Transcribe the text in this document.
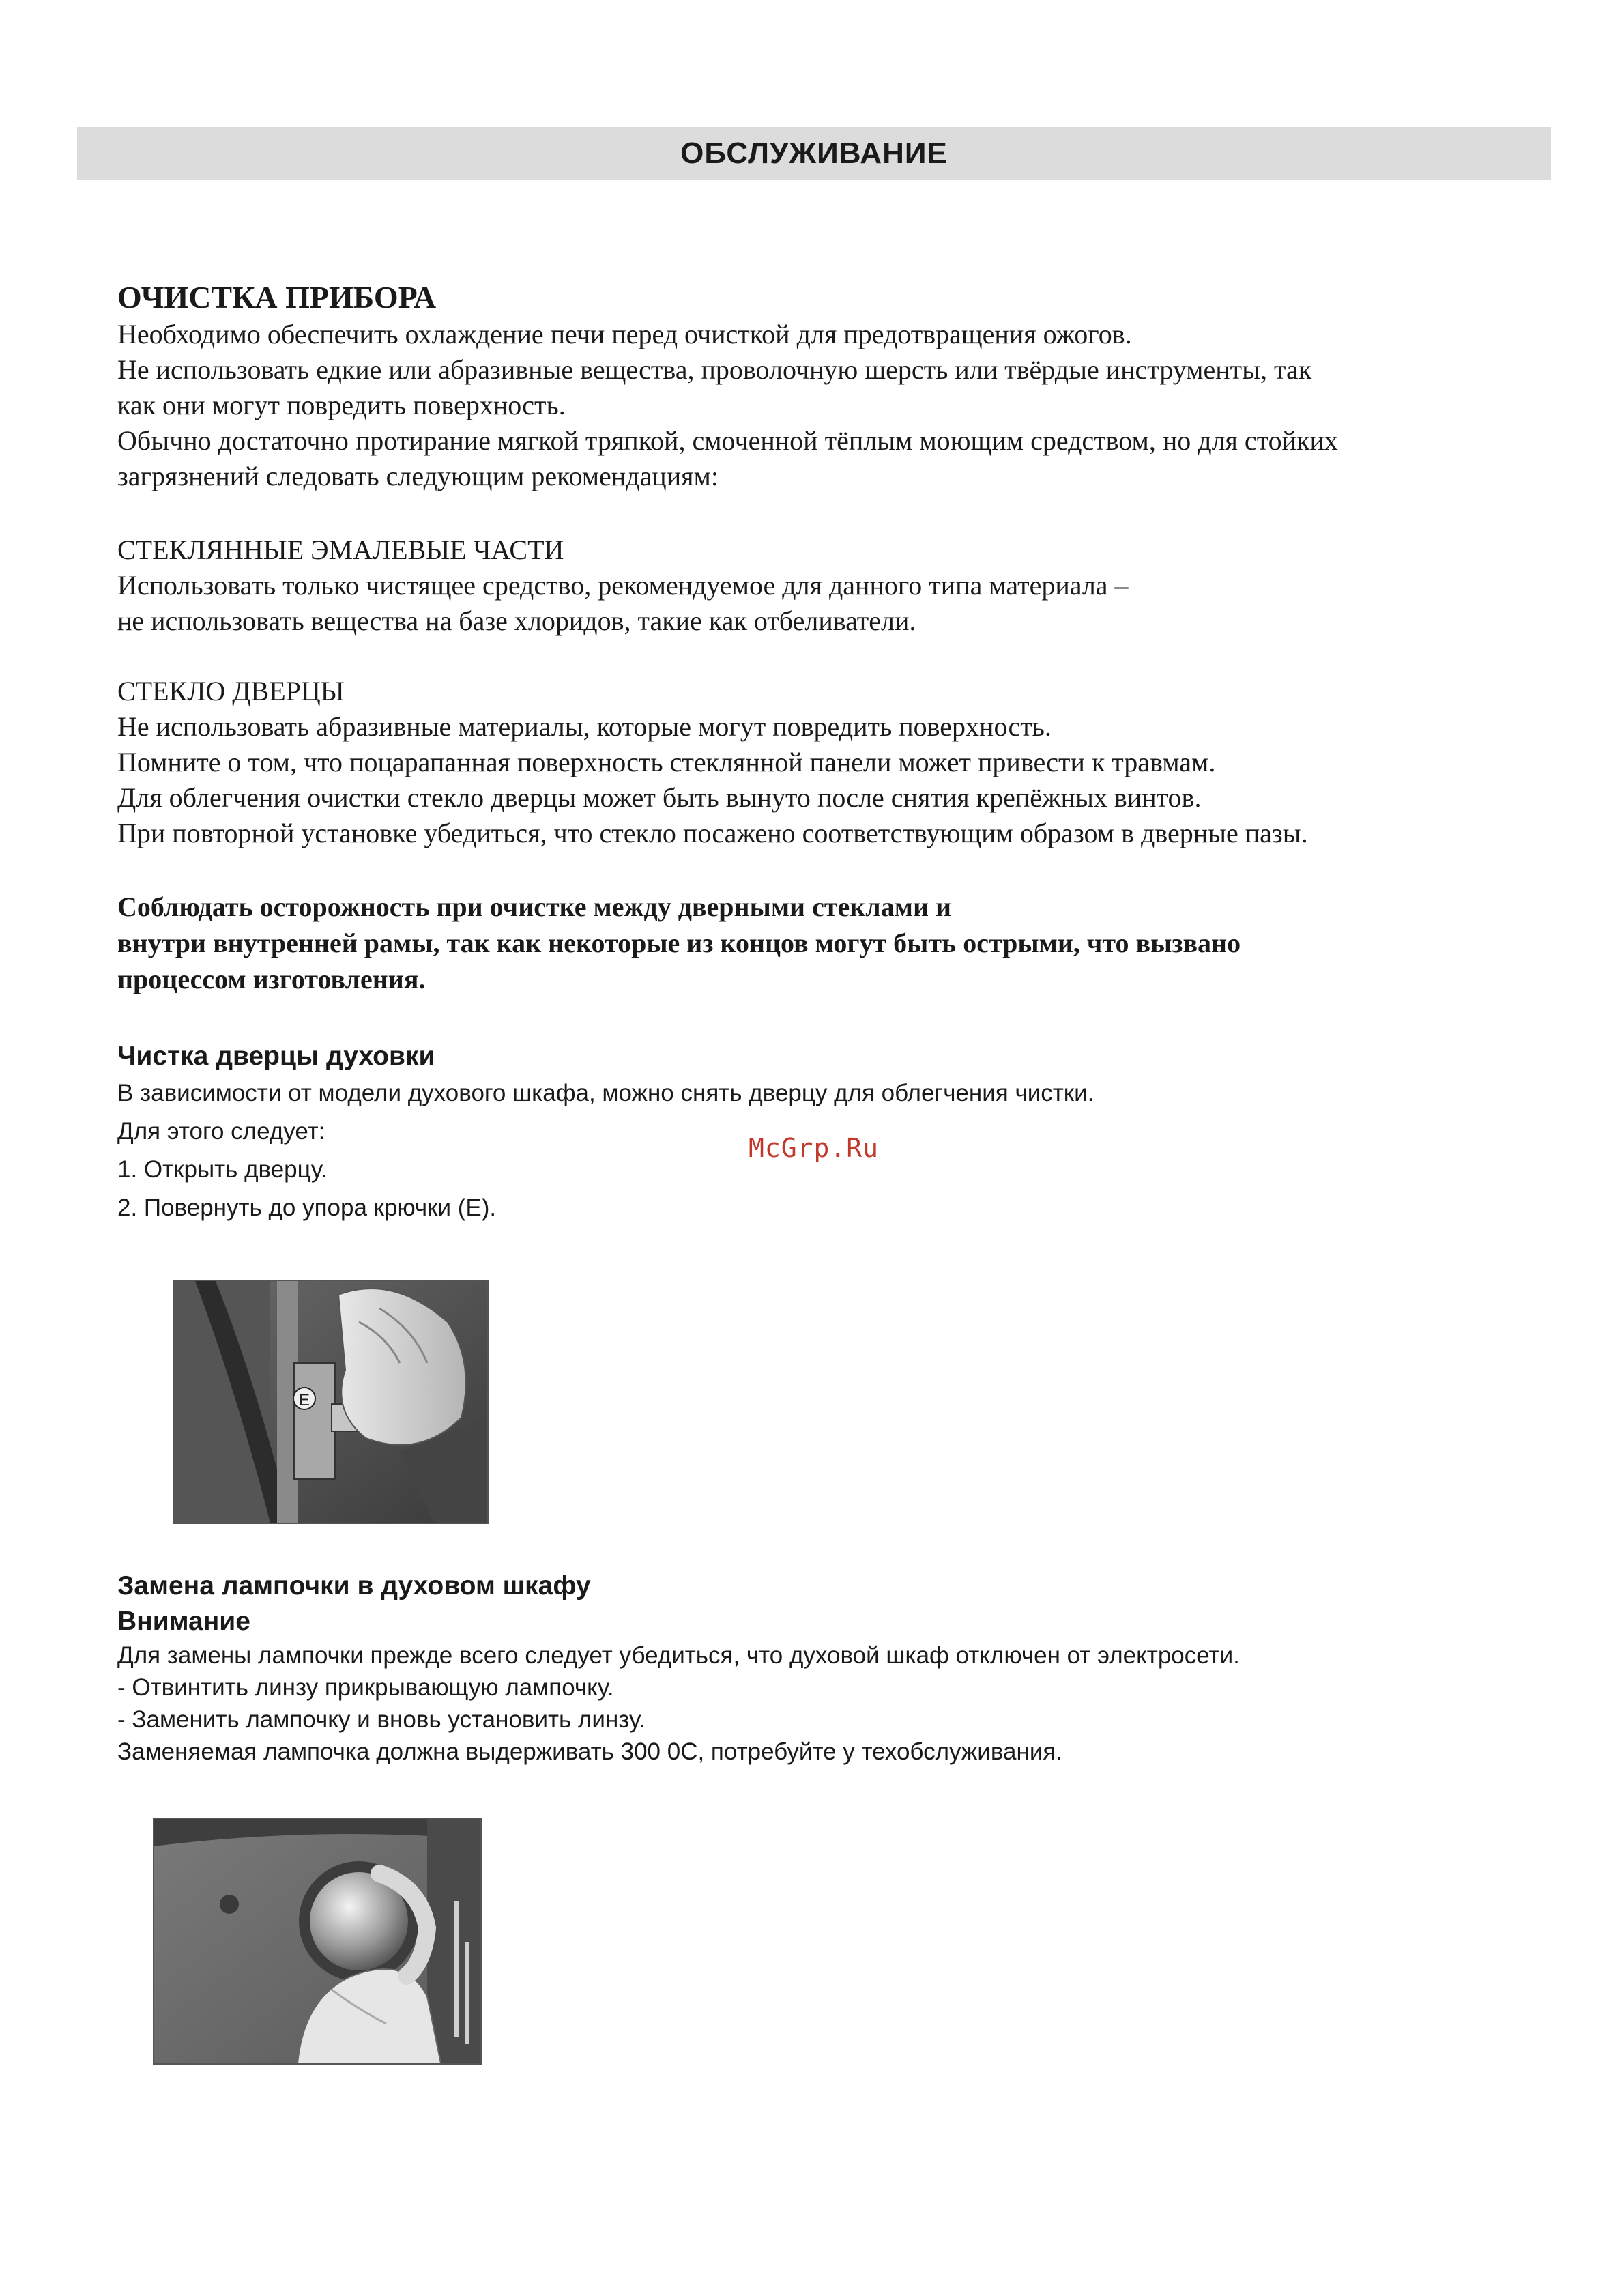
ОБСЛУЖИВАНИЕ

ОЧИСТКА ПРИБОРА

Необходимо обеспечить охлаждение печи перед очисткой для предотвращения ожогов.

Не использовать едкие или абразивные вещества, проволочную шерсть или твёрдые инструменты, так

как они могут повредить поверхность.

Обычно достаточно протирание мягкой тряпкой, смоченной тёплым моющим средством, но для стойких

загрязнений следовать следующим рекомендациям:

СТЕКЛЯННЫЕ ЭМАЛЕВЫЕ ЧАСТИ

Использовать только чистящее средство, рекомендуемое для данного типа материала –

не использовать вещества на базе хлоридов, такие как отбеливатели.

СТЕКЛО ДВЕРЦЫ

Не использовать абразивные материалы, которые могут повредить поверхность.

Помните о том, что поцарапанная поверхность стеклянной панели может привести к травмам.

Для облегчения очистки стекло дверцы может быть вынуто после снятия крепёжных винтов.

При повторной установке убедиться, что стекло посажено соответствующим образом в дверные пазы.

Соблюдать осторожность при очистке между дверными стеклами и

внутри внутренней рамы, так как некоторые из концов могут быть острыми, что вызвано

процессом изготовления.

Чистка дверцы духовки

В зависимости от модели духового шкафа, можно снять дверцу для облегчения чистки.

Для этого следует:

1. Открыть дверцу.

2. Повернуть до упора крючки (E).

McGrp.Ru
E

Замена лампочки в духовом шкафу

Внимание

Для замены лампочки прежде всего следует убедиться, что духовой шкаф отключен от электросети.

- Отвинтить линзу прикрывающую лампочку.

- Заменить лампочку и вновь установить линзу.

Заменяемая лампочка должна выдерживать 300 0С, потребуйте у техобслуживания.
